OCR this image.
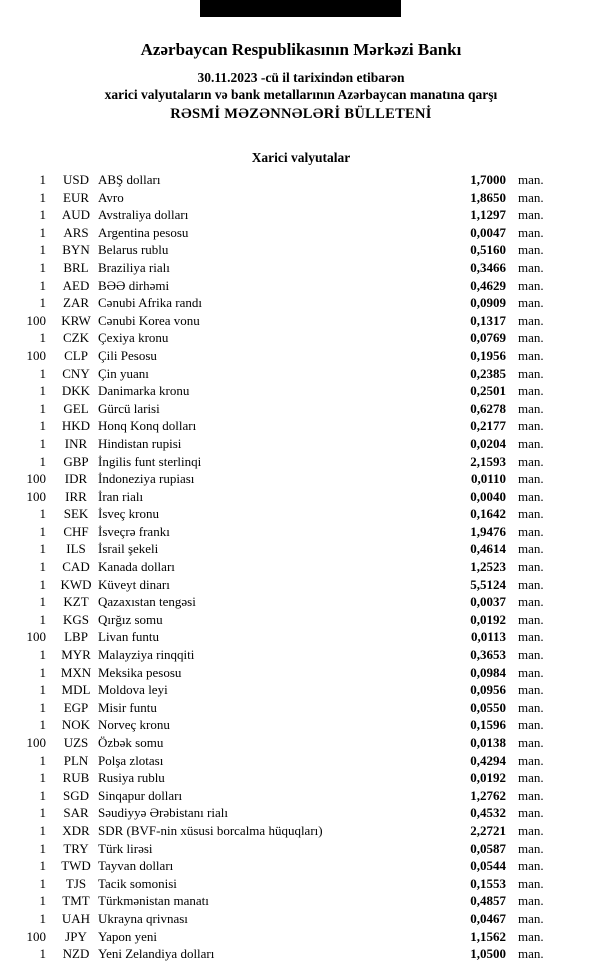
Azərbaycan Respublikasının Mərkəzi Bankı
30.11.2023 -cü il tarixindən etibarən
xarici valyutaların və bank metallarının Azərbaycan manatına qarşı
RƏSMİ MƏZƏNNƏLƏRİ BÜLLETENİ
Xarici valyutalar
1	USD ABŞ dolları	1,7000 man.
1	EUR Avro	1,8650 man.
1	AUD Avstraliya dolları	1,1297 man.
1	ARS Argentina pesosu	0,0047 man.
1	BYN Belarus rublu	0,5160 man.
1	BRL Braziliya rialı	0,3466 man.
1	AED BƏƏ dirhəmi	0,4629 man.
1	ZAR Cənubi Afrika randı	0,0909 man.
100	KRW Cənubi Korea vonu	0,1317 man.
1	CZK Çexiya kronu	0,0769 man.
100	CLP Çili Pesosu	0,1956 man.
1	CNY Çin yuanı	0,2385 man.
1	DKK Danimarka kronu	0,2501 man.
1	GEL Gürcü larisi	0,6278 man.
1	HKD Honq Konq dolları	0,2177 man.
1	INR Hindistan rupisi	0,0204 man.
1	GBP İngilis funt sterlinqi	2,1593 man.
100	IDR İndoneziya rupiası	0,0110 man.
100	IRR İran rialı	0,0040 man.
1	SEK İsveç kronu	0,1642 man.
1	CHF İsveçrə frankı	1,9476 man.
1	ILS İsrail şekeli	0,4614 man.
1	CAD Kanada dolları	1,2523 man.
1	KWD Küveyt dinarı	5,5124 man.
1	KZT Qazaxıstan tengəsi	0,0037 man.
1	KGS Qırğız somu	0,0192 man.
100	LBP Livan funtu	0,0113 man.
1	MYR Malayziya rinqqiti	0,3653 man.
1	MXN Meksika pesosu	0,0984 man.
1	MDL Moldova leyi	0,0956 man.
1	EGP Misir funtu	0,0550 man.
1	NOK Norveç kronu	0,1596 man.
100	UZS Özbək somu	0,0138 man.
1	PLN Polşa zlotası	0,4294 man.
1	RUB Rusiya rublu	0,0192 man.
1	SGD Sinqapur dolları	1,2762 man.
1	SAR Səudiyyə Ərəbistanı rialı	0,4532 man.
1	XDR SDR (BVF-nin xüsusi borcalma hüquqları)	2,2721 man.
1	TRY Türk lirəsi	0,0587 man.
1	TWD Tayvan dolları	0,0544 man.
1	TJS Tacik somonisi	0,1553 man.
1	TMT Türkmənistan manatı	0,4857 man.
1	UAH Ukrayna qrivnası	0,0467 man.
100	JPY Yapon yeni	1,1562 man.
1	NZD Yeni Zelandiya dolları	1,0500 man.
